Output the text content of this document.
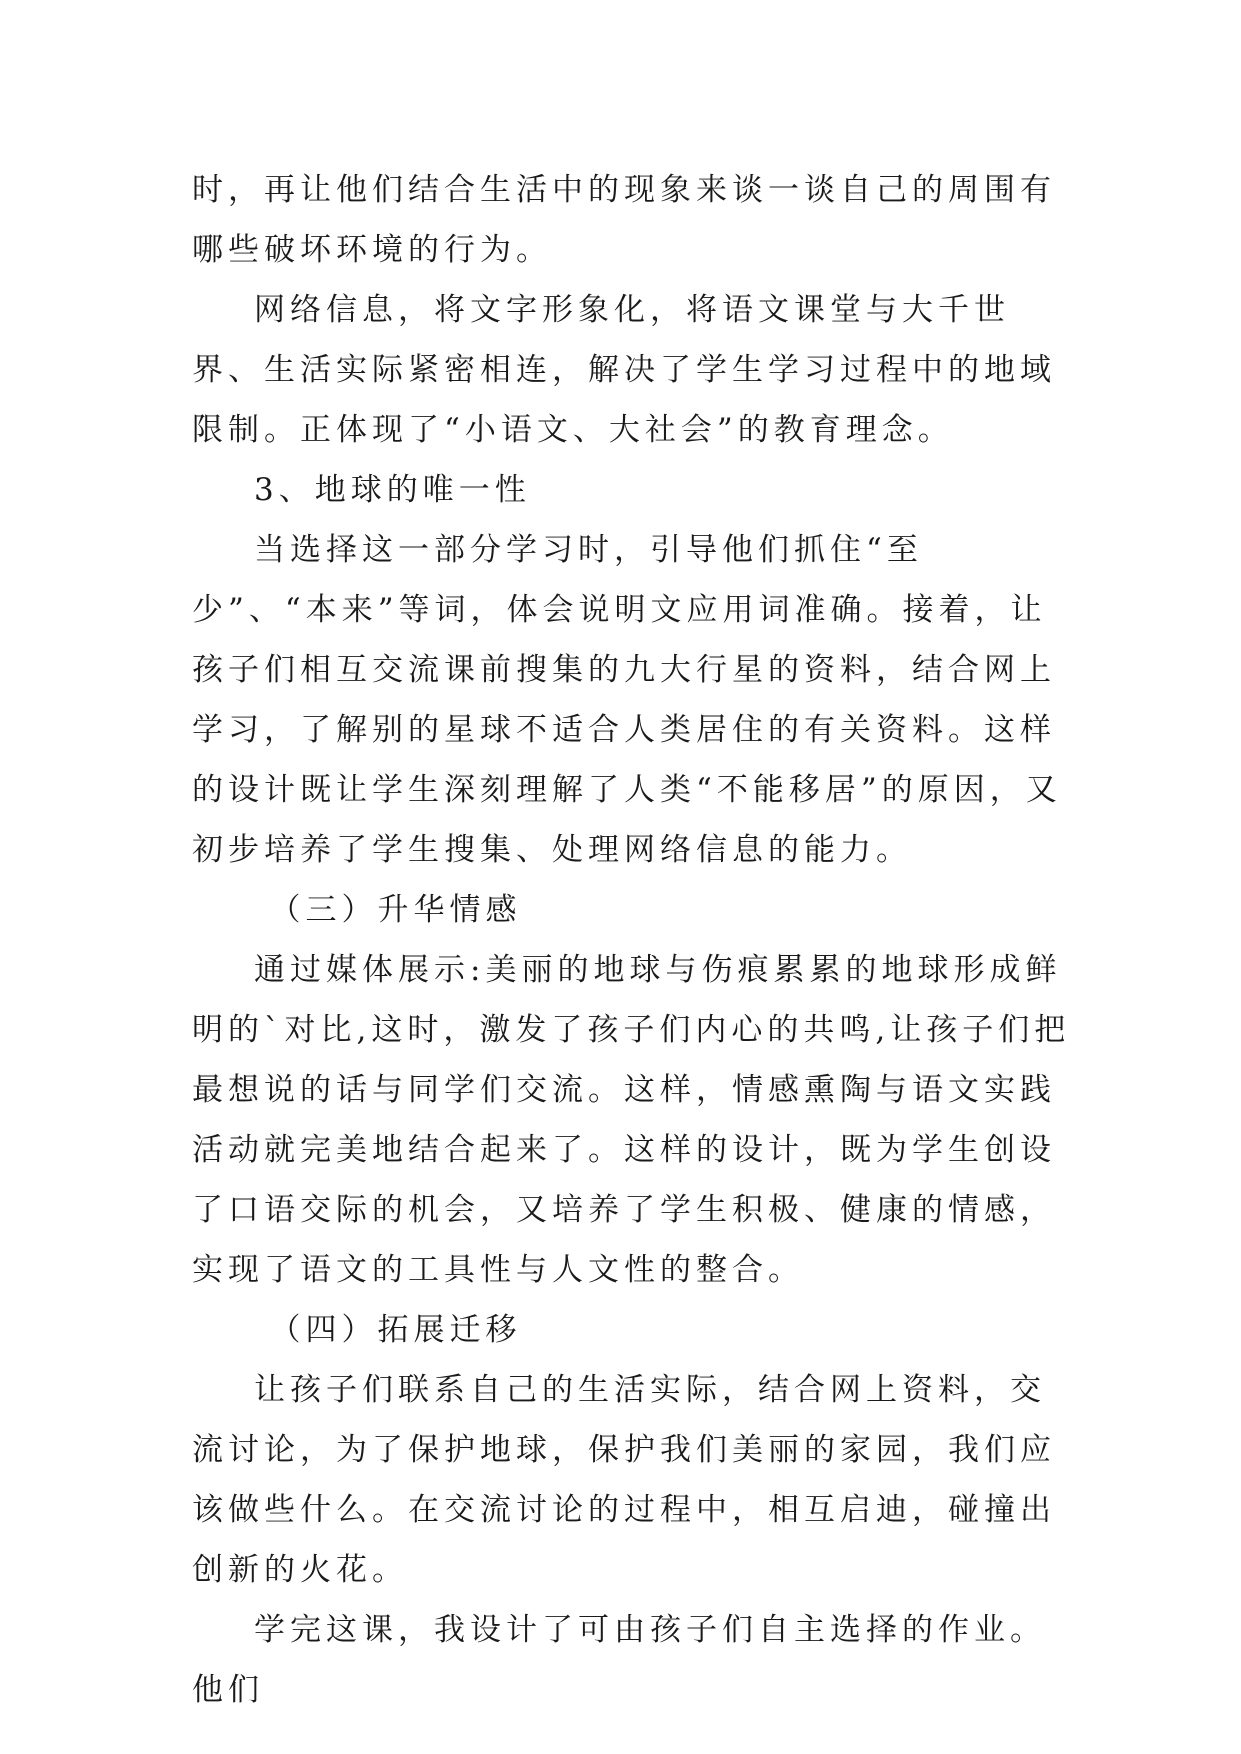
时，再让他们结合生活中的现象来谈一谈自己的周围有哪些破坏环境的行为。

网络信息，将文字形象化，将语文课堂与大千世界、生活实际紧密相连，解决了学生学习过程中的地域限制。正体现了“小语文、大社会”的教育理念。

3、地球的唯一性

当选择这一部分学习时，引导他们抓住“至少”、“本来”等词，体会说明文应用词准确。接着，让孩子们相互交流课前搜集的九大行星的资料，结合网上学习，了解别的星球不适合人类居住的有关资料。这样的设计既让学生深刻理解了人类“不能移居”的原因，又初步培养了学生搜集、处理网络信息的能力。

（三）升华情感

通过媒体展示:美丽的地球与伤痕累累的地球形成鲜明的`对比,这时，激发了孩子们内心的共鸣,让孩子们把最想说的话与同学们交流。这样，情感熏陶与语文实践活动就完美地结合起来了。这样的设计，既为学生创设了口语交际的机会，又培养了学生积极、健康的情感，实现了语文的工具性与人文性的整合。

（四）拓展迁移

让孩子们联系自己的生活实际，结合网上资料，交流讨论，为了保护地球，保护我们美丽的家园，我们应该做些什么。在交流讨论的过程中，相互启迪，碰撞出创新的火花。

学完这课，我设计了可由孩子们自主选择的作业。他们
